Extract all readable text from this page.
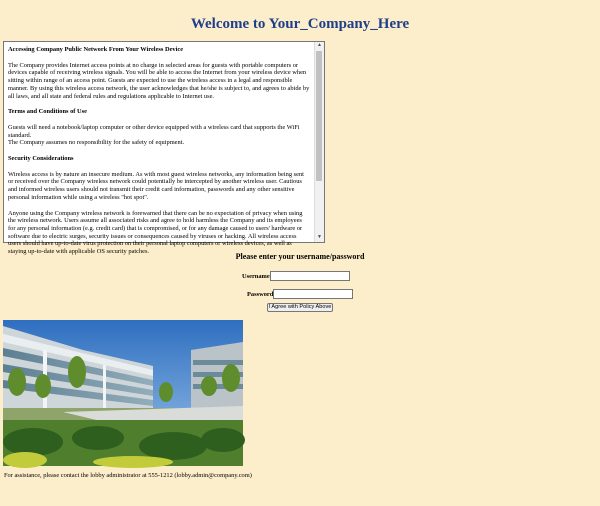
Welcome to Your_Company_Here
Accessing Company Public Network From Your Wireless Device

The Company provides Internet access points at no charge in selected areas for guests with portable computers or devices capable of receiving wireless signals. You will be able to access the Internet from your wireless device when sitting within range of an access point. Guests are expected to use the wireless access in a legal and responsible manner. By using this wireless access network, the user acknowledges that he/she is subject to, and agrees to abide by all laws, and all state and federal rules and regulations applicable to Internet use.

Terms and Conditions of Use

Guests will need a notebook/laptop computer or other device equipped with a wireless card that supports the WiFi standard.
The Company assumes no responsibility for the safety of equipment.

Security Considerations

Wireless access is by nature an insecure medium. As with most guest wireless networks, any information being sent or received over the Company wireless network could potentially be intercepted by another wireless user. Cautious and informed wireless users should not transmit their credit card information, passwords and any other sensitive personal information while using a wireless "hot spot".

Anyone using the Company wireless network is forewarned that there can be no expectation of privacy when using the wireless network. Users assume all associated risks and agree to hold harmless the Company and its employees for any personal information (e.g. credit card) that is compromised, or for any damage caused to users' hardware or software due to electric surges, security issues or consequences caused by viruses or hacking. All wireless access users should have up-to-date virus protection on their personal laptop computers or wireless devices, as well as staying up-to-date with applicable OS security patches.

▲
▼
Please enter your username/password
Username
Password
I Agree with Policy Above
For assistance, please contact the lobby administrator at 555-1212 (lobby.admin@company.com)
